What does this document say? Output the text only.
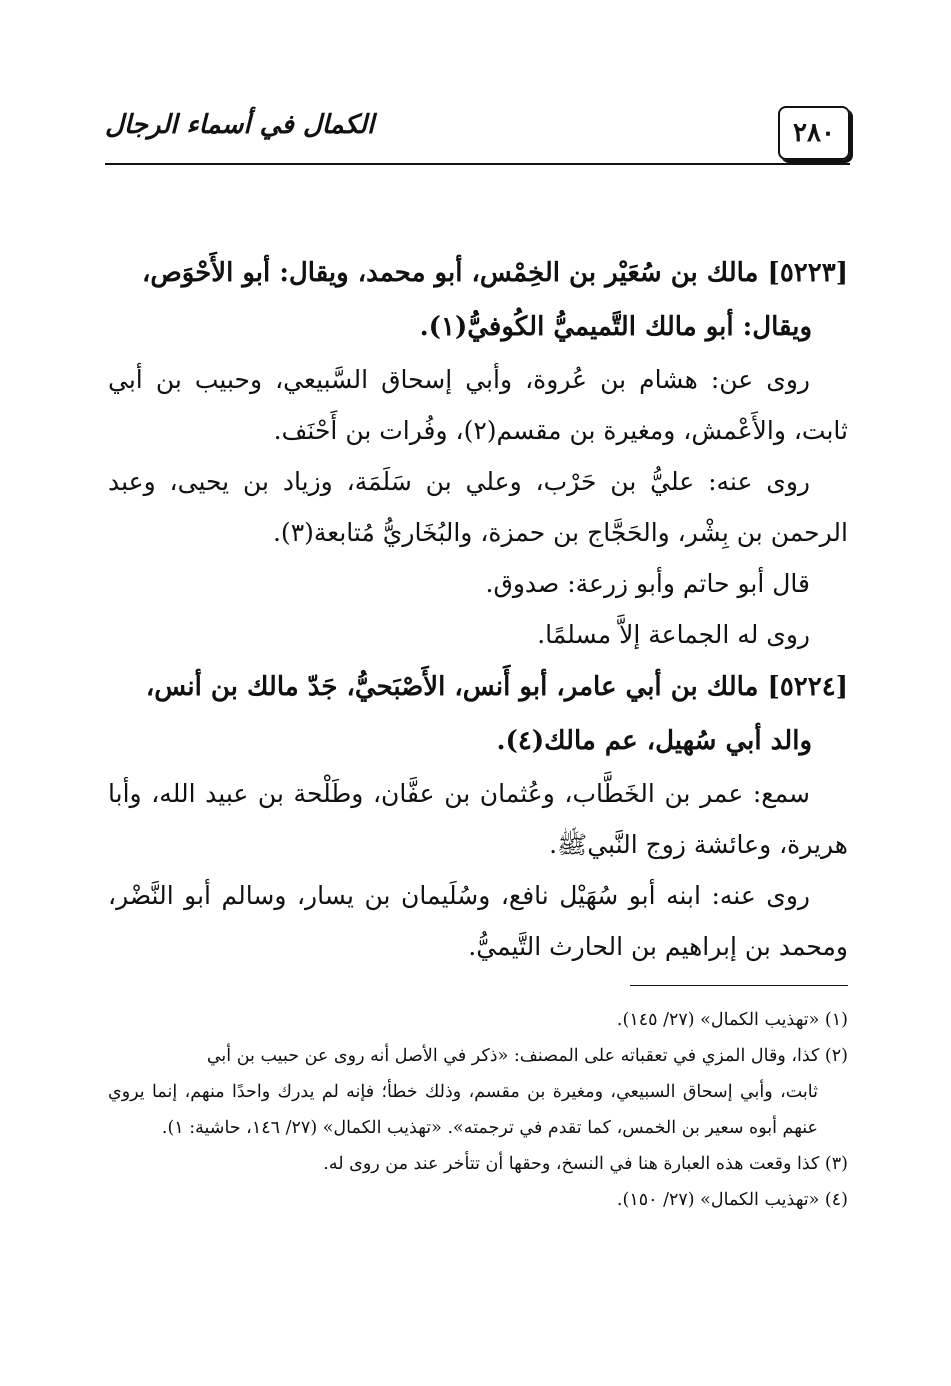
٢٨٠
الكمال في أسماء الرجال

[٥٢٢٣] مالك بن سُعَيْر بن الخِمْس، أبو محمد، ويقال: أبو الأَحْوَص،
ويقال: أبو مالك التَّميميُّ الكُوفيُّ(١).

روى عن: هشام بن عُروة، وأبي إسحاق السَّبيعي، وحبيب بن أبي ثابت، والأَعْمش، ومغيرة بن مقسم(٢)، وفُرات بن أَحْنَف.

روى عنه: عليُّ بن حَرْب، وعلي بن سَلَمَة، وزياد بن يحيى، وعبد الرحمن بن بِشْر، والحَجَّاج بن حمزة، والبُخَاريُّ مُتابعة(٣).

قال أبو حاتم وأبو زرعة: صدوق.

روى له الجماعة إلاَّ مسلمًا.

[٥٢٢٤] مالك بن أبي عامر، أبو أَنس، الأَصْبَحيُّ، جَدّ مالك بن أنس،
والد أبي سُهيل، عم مالك(٤).

سمع: عمر بن الخَطَّاب، وعُثمان بن عفَّان، وطَلْحة بن عبيد الله، وأبا هريرة، وعائشة زوج النَّبيﷺ.

روى عنه: ابنه أبو سُهَيْل نافع، وسُلَيمان بن يسار، وسالم أبو النَّضْر، ومحمد بن إبراهيم بن الحارث التَّيميُّ.

(١) «تهذيب الكمال» (٢٧/ ١٤٥).

(٢) كذا، وقال المزي في تعقباته على المصنف: «ذكر في الأصل أنه روى عن حبيب بن أبي
ثابت، وأبي إسحاق السبيعي، ومغيرة بن مقسم، وذلك خطأ؛ فإنه لم يدرك واحدًا منهم، إنما يروي عنهم أبوه سعير بن الخمس، كما تقدم في ترجمته». «تهذيب الكمال» (٢٧/ ١٤٦، حاشية: ١).

(٣) كذا وقعت هذه العبارة هنا في النسخ، وحقها أن تتأخر عند من روى له.

(٤) «تهذيب الكمال» (٢٧/ ١٥٠).
